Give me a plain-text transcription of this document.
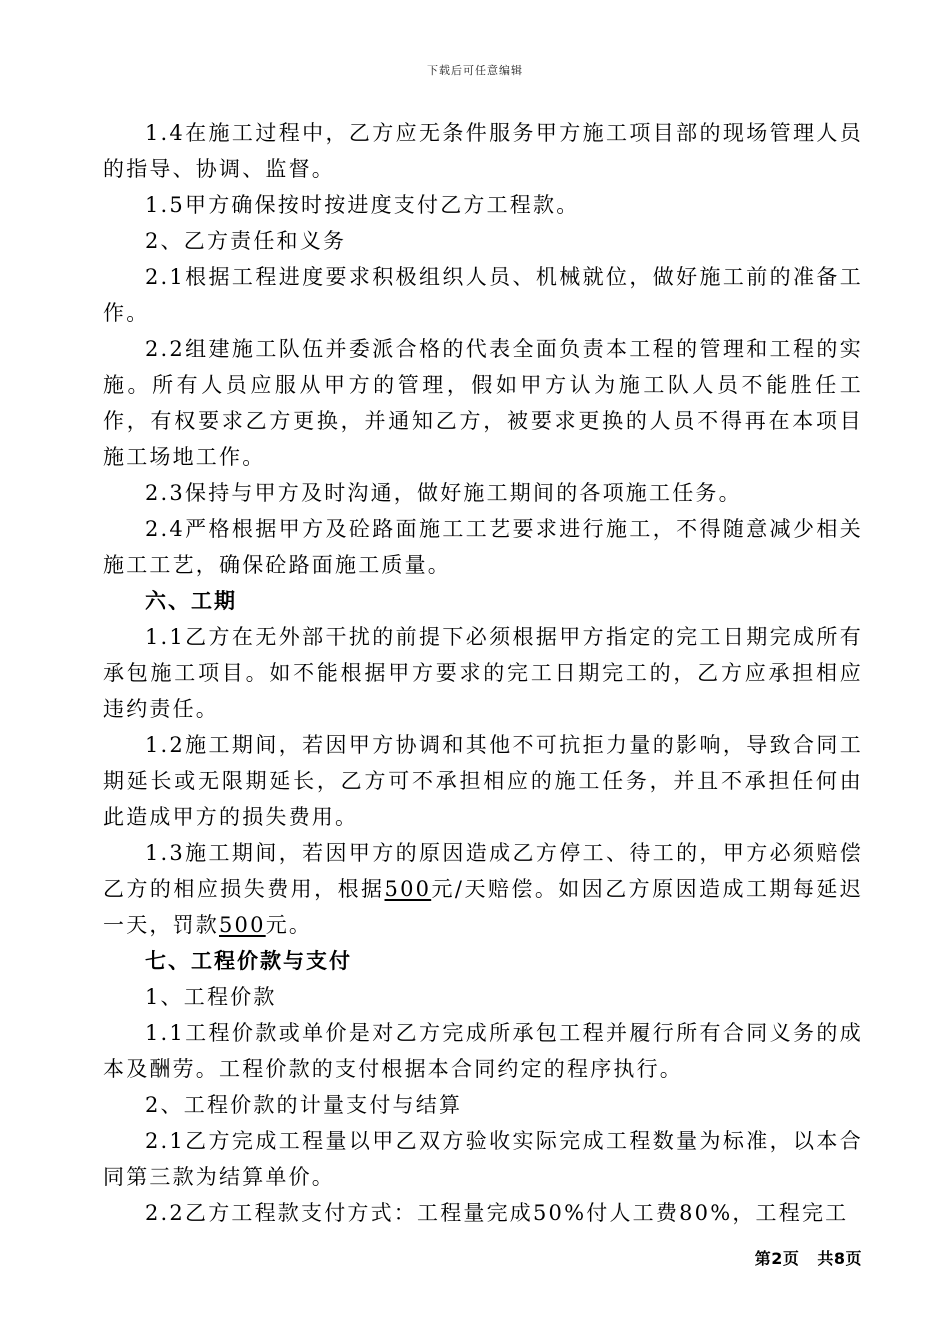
下载后可任意编辑

1.4在施工过程中，乙方应无条件服务甲方施工项目部的现场管理人员的指导、协调、监督。

1.5甲方确保按时按进度支付乙方工程款。

2、乙方责任和义务

2.1根据工程进度要求积极组织人员、机械就位，做好施工前的准备工作。

2.2组建施工队伍并委派合格的代表全面负责本工程的管理和工程的实施。所有人员应服从甲方的管理，假如甲方认为施工队人员不能胜任工作，有权要求乙方更换，并通知乙方，被要求更换的人员不得再在本项目施工场地工作。

2.3保持与甲方及时沟通，做好施工期间的各项施工任务。

2.4严格根据甲方及砼路面施工工艺要求进行施工，不得随意减少相关施工工艺，确保砼路面施工质量。

六、工期

1.1乙方在无外部干扰的前提下必须根据甲方指定的完工日期完成所有承包施工项目。如不能根据甲方要求的完工日期完工的，乙方应承担相应违约责任。

1.2施工期间，若因甲方协调和其他不可抗拒力量的影响，导致合同工期延长或无限期延长，乙方可不承担相应的施工任务，并且不承担任何由此造成甲方的损失费用。

1.3施工期间，若因甲方的原因造成乙方停工、待工的，甲方必须赔偿乙方的相应损失费用，根据500元/天赔偿。如因乙方原因造成工期每延迟一天，罚款500元。

七、工程价款与支付

1、工程价款

1.1工程价款或单价是对乙方完成所承包工程并履行所有合同义务的成本及酬劳。工程价款的支付根据本合同约定的程序执行。

2、工程价款的计量支付与结算

2.1乙方完成工程量以甲乙双方验收实际完成工程数量为标准，以本合同第三款为结算单价。

2.2乙方工程款支付方式：工程量完成50%付人工费80%，工程完工

第2页 共8页
